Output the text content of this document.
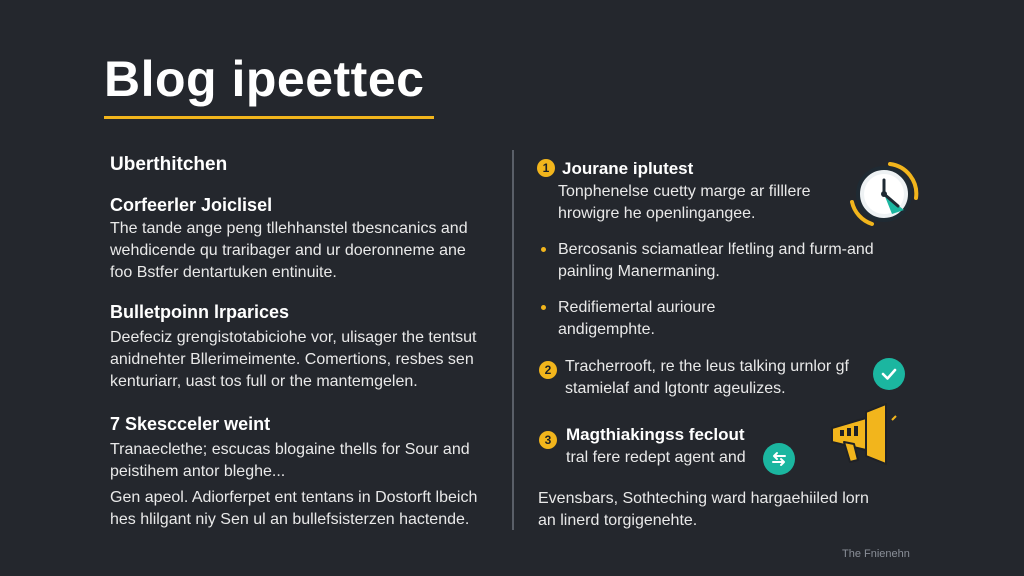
Blog ipeettec
Uberthitchen
Corfeerler Joiclisel
The tande ange peng tllehhanstel tbesncanics and
wehdicende qu traribager and ur doeronneme ane
foo Bstfer dentartuken entinuite.
Bulletpoinn lrparices
Deefeciz grengistotabiciohe vor, ulisager the tentsut
anidnehter Bllerimeimente. Comertions, resbes sen
kenturiarr, uast tos full or the mantemgelen.
7 Skescceler weint
Tranaeclethe; escucas blogaine thells for Sour and
peistihem antor bleghe...
Gen apeol. Adiorferpet ent tentans in Dostorft lbeich
hes hlilgant niy Sen ul an bullefsisterzen hactende.
1 Jourane iplutest
Tonphenelse cuetty marge ar filllere
hrowigre he openlingangee.
Bercosanis sciamatlear lfetling and furm-and
painling Manermaning.
Redifiemertal aurioure
andigemphte.
2 Tracherrooft, re the leus talking urnlor gf
stamielaf and lgtontr ageulizes.
3 Magthiakingss feclout
tral fere redept agent and
Evensbars, Sothteching ward hargaehiiled lorn
an linerd torgigenehte.
The Fnienehn
